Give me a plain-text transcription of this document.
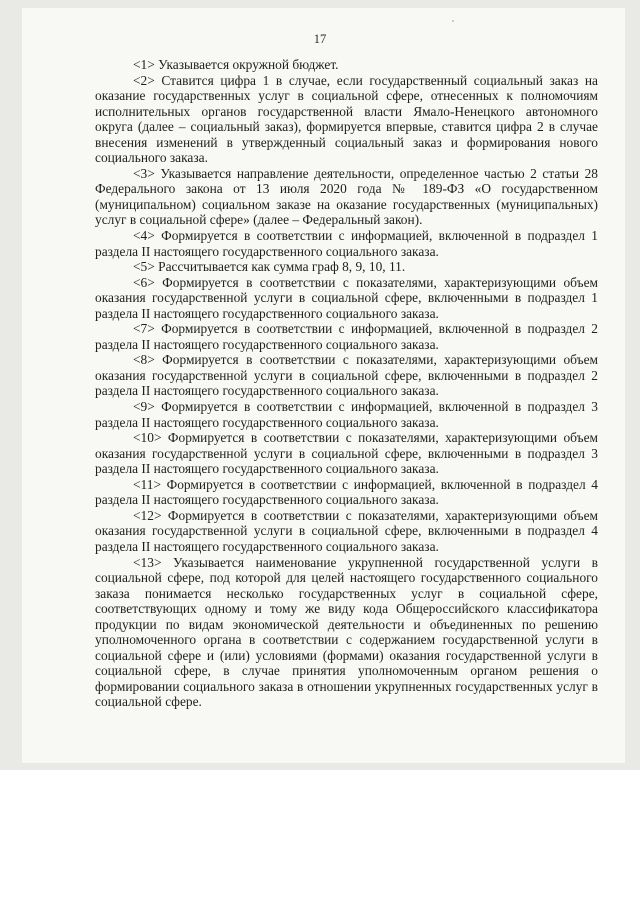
17

<1> Указывается окружной бюджет.

<2> Ставится цифра 1 в случае, если государственный социальный заказ на оказание государственных услуг в социальной сфере, отнесенных к полномочиям исполнительных органов государственной власти Ямало-Ненецкого автономного округа (далее – социальный заказ), формируется впервые, ставится цифра 2 в случае внесения изменений в утвержденный социальный заказ и формирования нового социального заказа.

<3> Указывается направление деятельности, определенное частью 2 статьи 28 Федерального закона от 13 июля 2020 года № 189-ФЗ «О государственном (муниципальном) социальном заказе на оказание государственных (муниципальных) услуг в социальной сфере» (далее – Федеральный закон).

<4> Формируется в соответствии с информацией, включенной в подраздел 1 раздела II настоящего государственного социального заказа.

<5> Рассчитывается как сумма граф 8, 9, 10, 11.

<6> Формируется в соответствии с показателями, характеризующими объем оказания государственной услуги в социальной сфере, включенными в подраздел 1 раздела II настоящего государственного социального заказа.

<7> Формируется в соответствии с информацией, включенной в подраздел 2 раздела II настоящего государственного социального заказа.

<8> Формируется в соответствии с показателями, характеризующими объем оказания государственной услуги в социальной сфере, включенными в подраздел 2 раздела II настоящего государственного социального заказа.

<9> Формируется в соответствии с информацией, включенной в подраздел 3 раздела II настоящего государственного социального заказа.

<10> Формируется в соответствии с показателями, характеризующими объем оказания государственной услуги в социальной сфере, включенными в подраздел 3 раздела II настоящего государственного социального заказа.

<11> Формируется в соответствии с информацией, включенной в подраздел 4 раздела II настоящего государственного социального заказа.

<12> Формируется в соответствии с показателями, характеризующими объем оказания государственной услуги в социальной сфере, включенными в подраздел 4 раздела II настоящего государственного социального заказа.

<13> Указывается наименование укрупненной государственной услуги в социальной сфере, под которой для целей настоящего государственного социального заказа понимается несколько государственных услуг в социальной сфере, соответствующих одному и тому же виду кода Общероссийского классификатора продукции по видам экономической деятельности и объединенных по решению уполномоченного органа в соответствии с содержанием государственной услуги в социальной сфере и (или) условиями (формами) оказания государственной услуги в социальной сфере, в случае принятия уполномоченным органом решения о формировании социального заказа в отношении укрупненных государственных услуг в социальной сфере.
